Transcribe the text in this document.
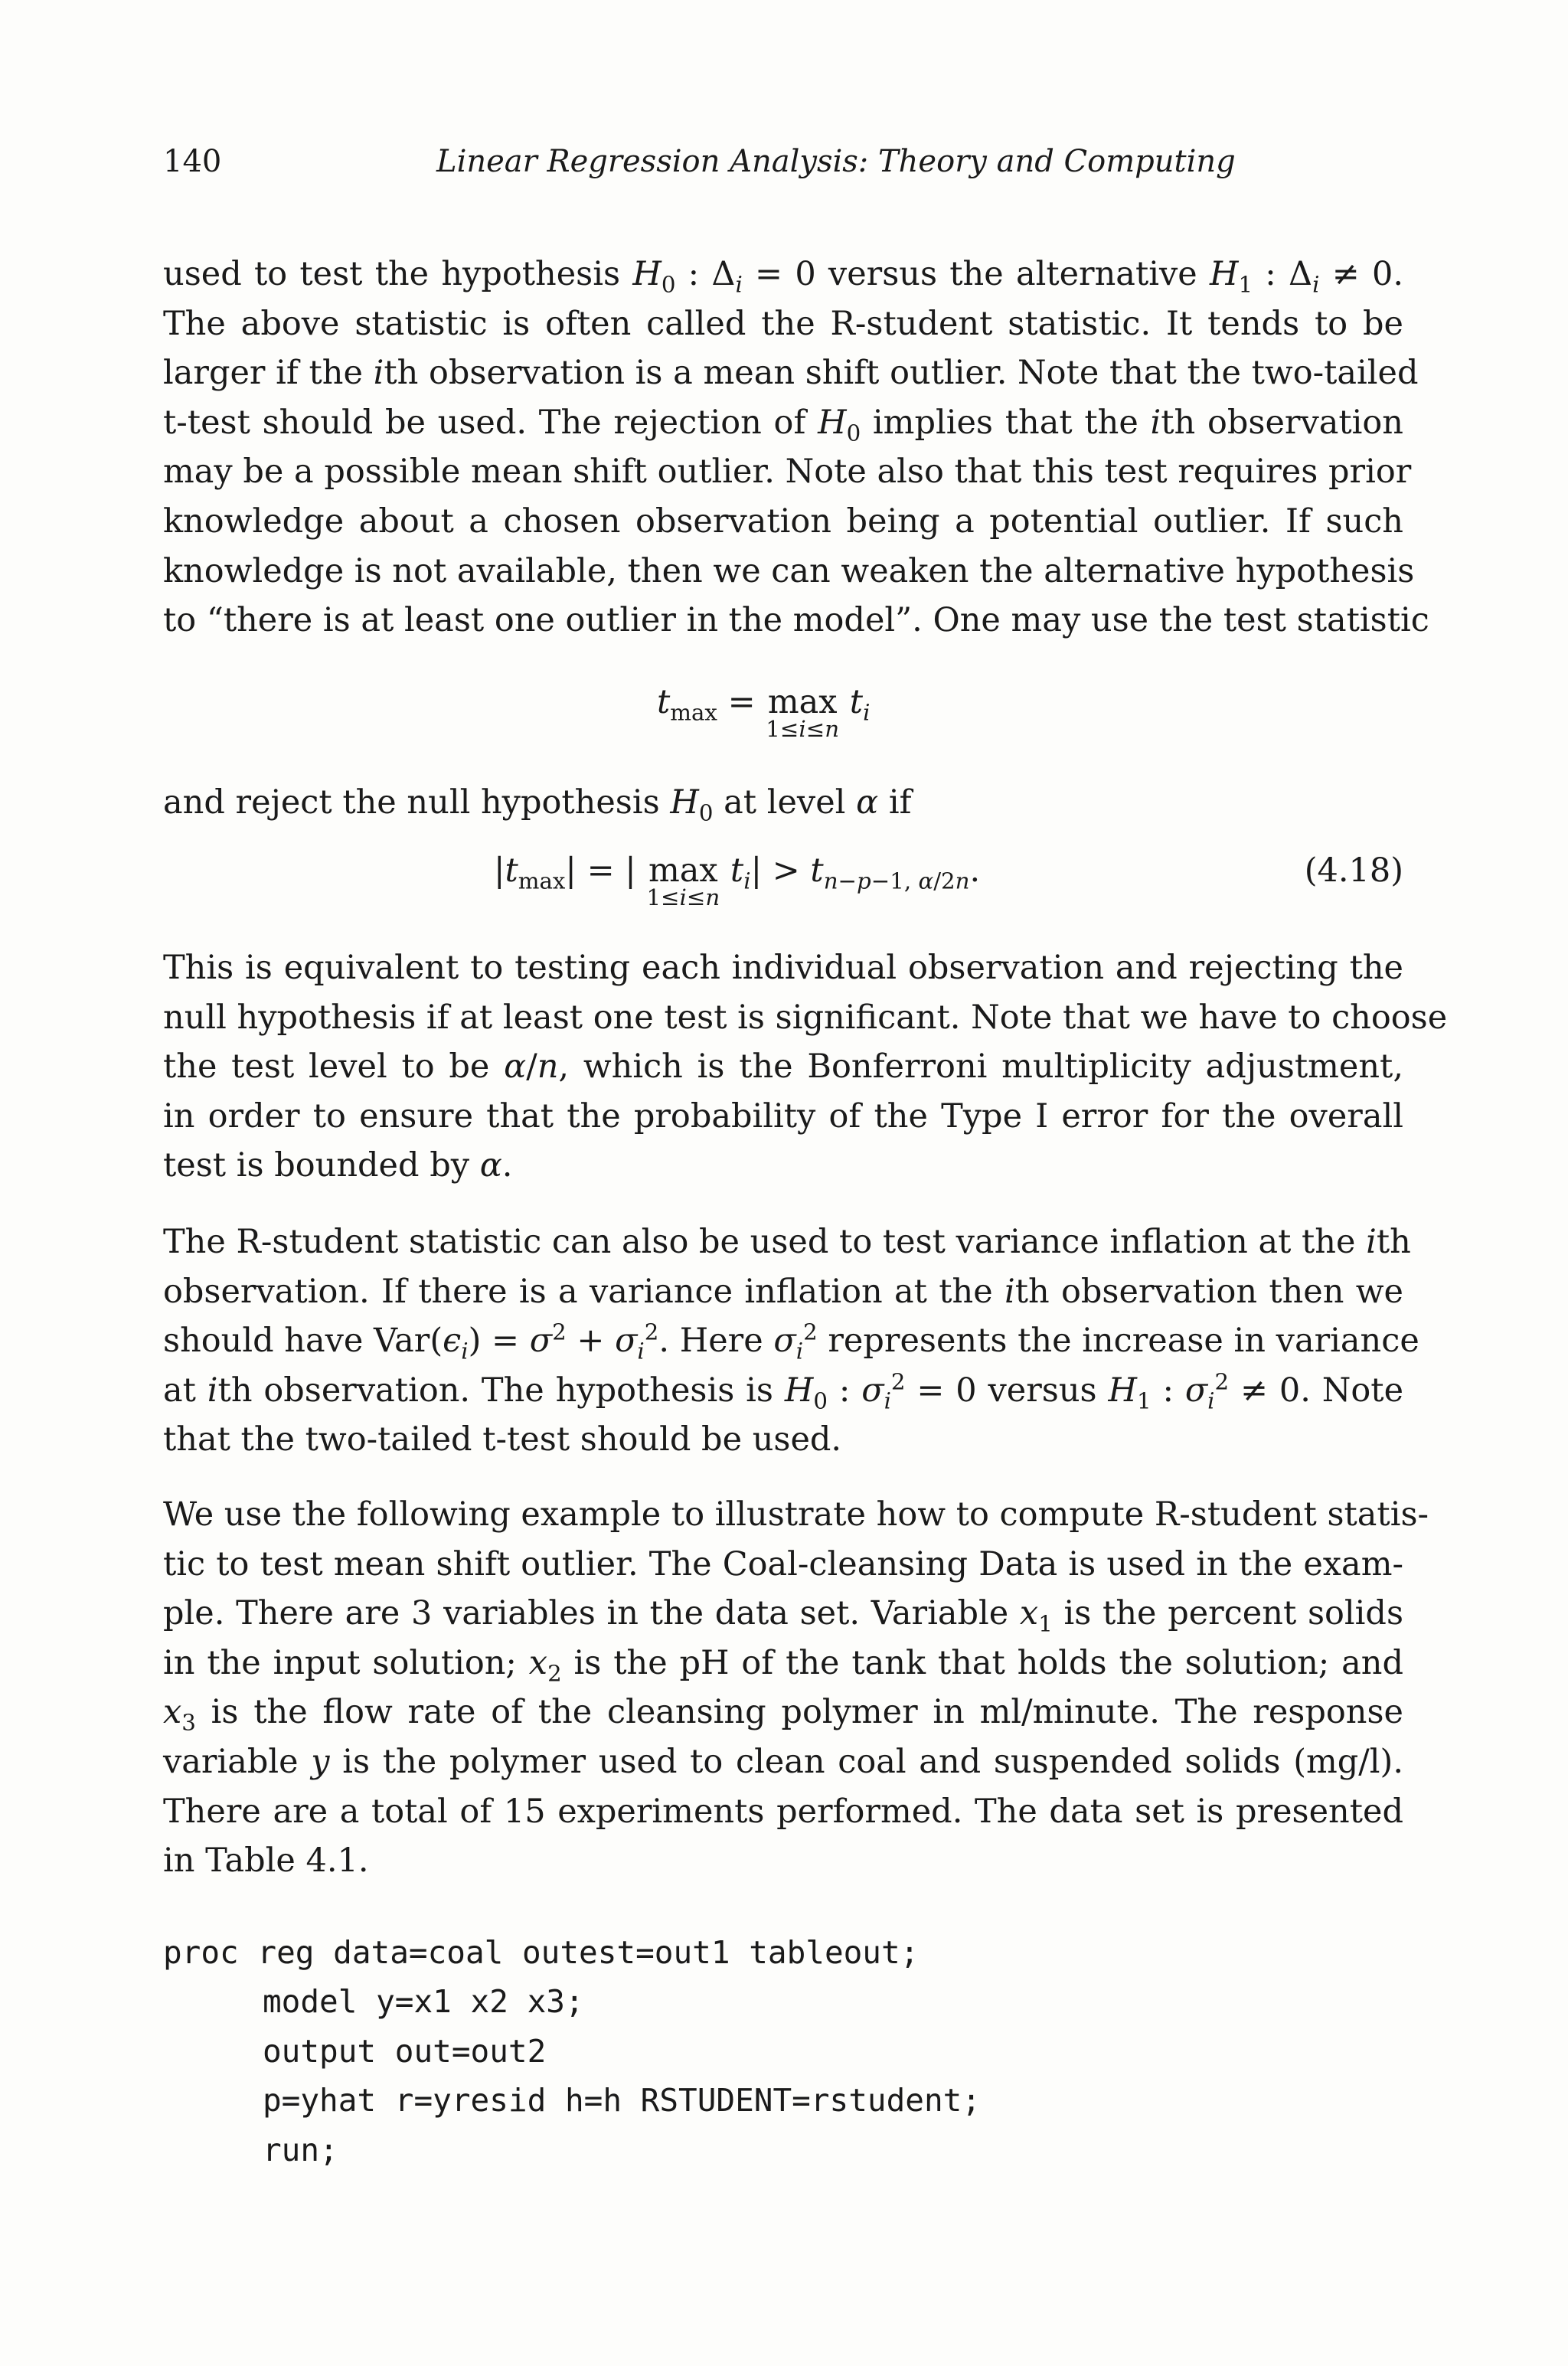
140	Linear Regression Analysis: Theory and Computing
used to test the hypothesis $H_0$ : $\Delta_i = 0$ versus the alternative $H_1$ : $\Delta_i \ne 0$.
The above statistic is often called the R-student statistic. It tends to be
larger if the ith observation is a mean shift outlier. Note that the two-tailed
t-test should be used. The rejection of $H_0$ implies that the ith observation
may be a possible mean shift outlier. Note also that this test requires prior
knowledge about a chosen observation being a potential outlier. If such
knowledge is not available, then we can weaken the alternative hypothesis
to “there is at least one outlier in the model”. One may use the test statistic
$t_{max} = \max$
1≤i≤n
$t_i$
and reject the null hypothesis $H_0$ at level α if
$|t_{max}|$ = | max
1≤i≤n
$t_i| > t_{n-p-1, \alpha/2n}$.	(4.18)
This is equivalent to testing each individual observation and rejecting the
null hypothesis if at least one test is significant. Note that we have to choose
the test level to be α/n, which is the Bonferroni multiplicity adjustment,
in order to ensure that the probability of the Type I error for the overall
test is bounded by α.
The R-student statistic can also be used to test variance inflation at the ith
observation. If there is a variance inflation at the ith observation then we
should have $Var(\epsilon_i) = \sigma^2 + \sigma_i^2$. Here $\sigma_i^2$ represents the increase in variance
at ith observation. The hypothesis is $H_0$ : $\sigma_i^2 = 0$ versus $H_1$ : $\sigma_i^2 \ne 0$. Note
that the two-tailed t-test should be used.
We use the following example to illustrate how to compute R-student statis-
tic to test mean shift outlier. The Coal-cleansing Data is used in the exam-
ple. There are 3 variables in the data set. Variable $x_1$ is the percent solids
in the input solution; $x_2$ is the pH of the tank that holds the solution; and
$x_3$ is the flow rate of the cleansing polymer in ml/minute. The response
variable y is the polymer used to clean coal and suspended solids (mg/l).
There are a total of 15 experiments performed. The data set is presented
in Table 4.1.
proc reg data=coal outest=out1 tableout;
model y=x1 x2 x3;
output out=out2
p=yhat r=yresid h=h RSTUDENT=rstudent;
run;
